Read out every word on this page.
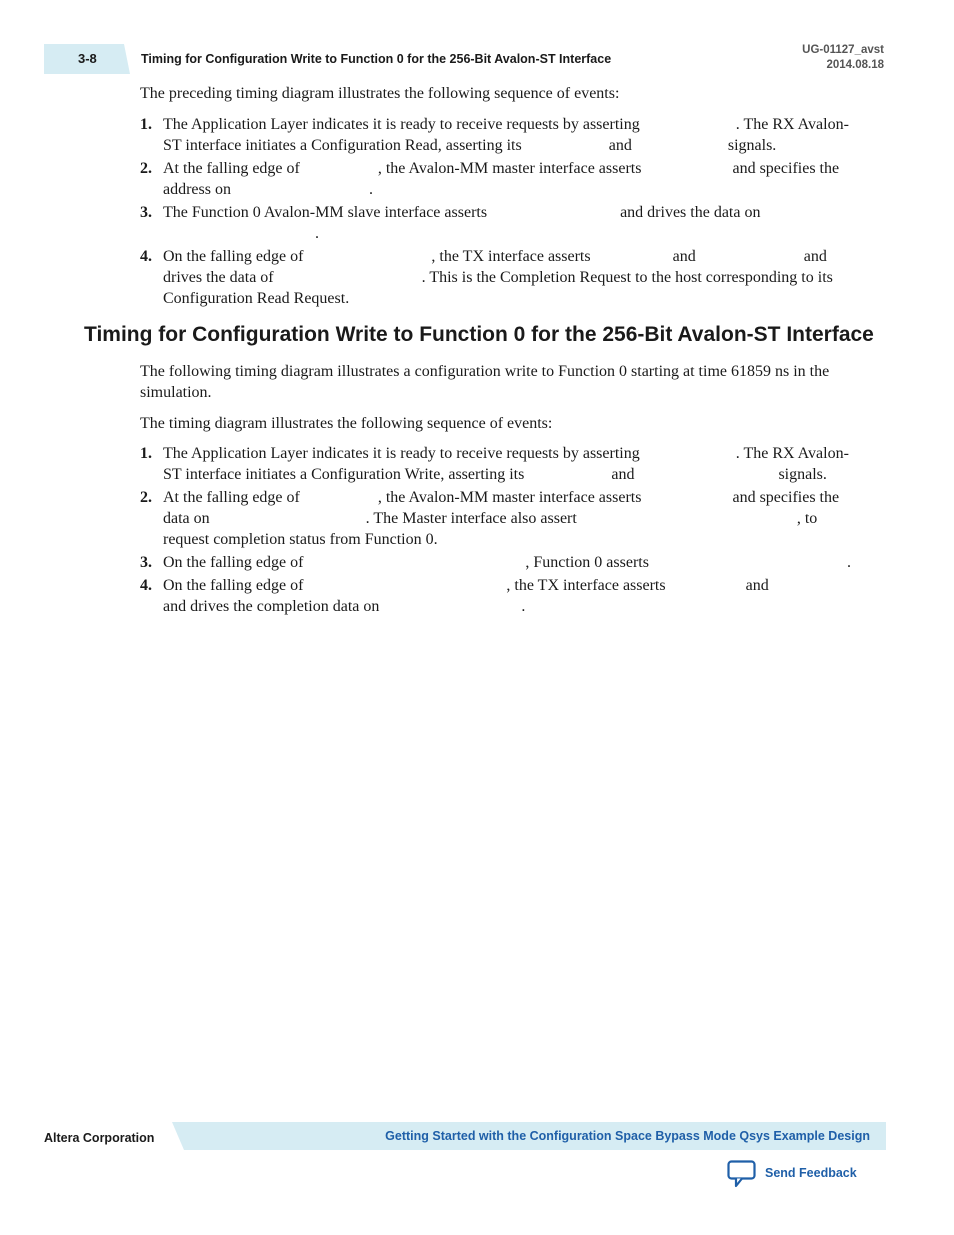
3-8	Timing for Configuration Write to Function 0 for the 256-Bit Avalon-ST Interface
UG-01127_avst
2014.08.18

The preceding timing diagram illustrates the following sequence of events:

1. The Application Layer indicates it is ready to receive requests by asserting	. The RX Avalon-ST interface initiates a Configuration Read, asserting its	and	signals.
2. At the falling edge of	, the Avalon-MM master interface asserts	and specifies the address on	.
3. The Function 0 Avalon-MM slave interface asserts	and drives the data on.
4. On the falling edge of	, the TX interface asserts	and	and drives the data of	. This is the Completion Request to the host corresponding to its Configuration Read Request.
Timing for Configuration Write to Function 0 for the 256-Bit Avalon-ST Interface

The following timing diagram illustrates a configuration write to Function 0 starting at time 61859 ns in the simulation.

The timing diagram illustrates the following sequence of events:

1. The Application Layer indicates it is ready to receive requests by asserting	. The RX Avalon-ST interface initiates a Configuration Write, asserting its	and	signals.
2. At the falling edge of	, the Avalon-MM master interface asserts	and specifies the data on	. The Master interface also assert	, to request completion status from Function 0.
3. On the falling edge of	, Function 0 asserts	.
4. On the falling edge of	, the TX interface asserts	andand drives the completion data on	.
Altera Corporation	Getting Started with the Configuration Space Bypass Mode Qsys Example Design
Send Feedback
